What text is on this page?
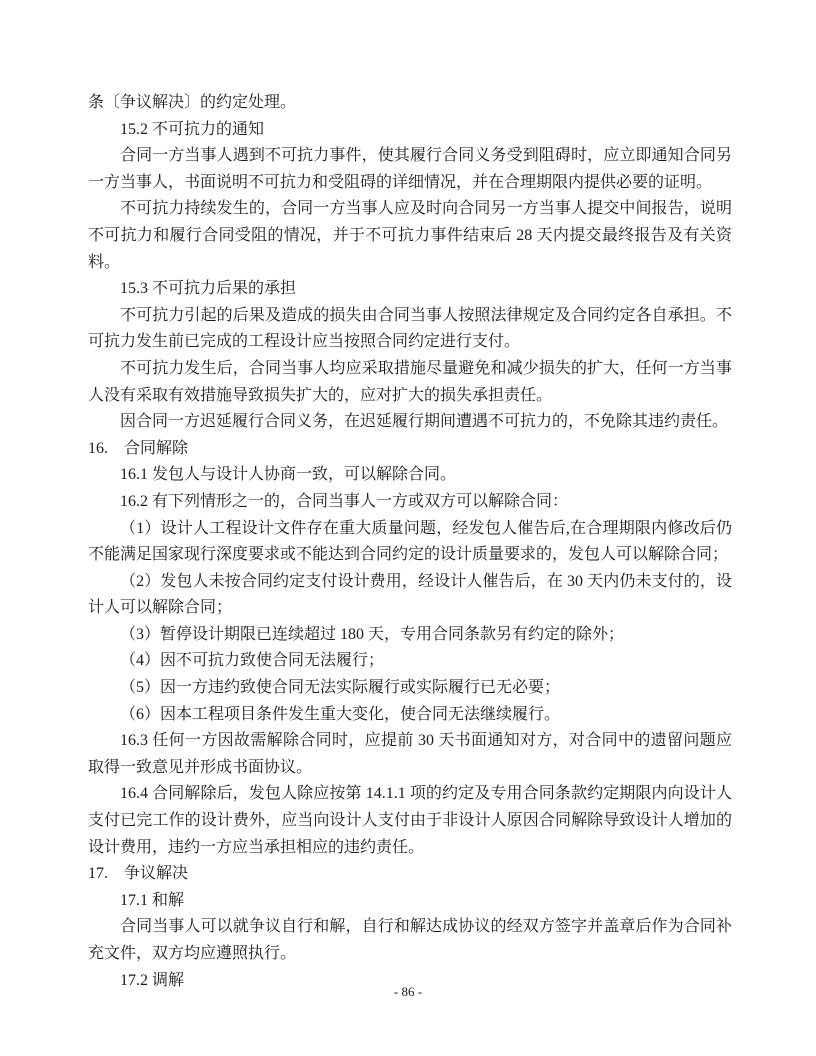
条〔争议解决〕的约定处理。

15.2 不可抗力的通知

合同一方当事人遇到不可抗力事件，使其履行合同义务受到阻碍时，应立即通知合同另一方当事人，书面说明不可抗力和受阻碍的详细情况，并在合理期限内提供必要的证明。

不可抗力持续发生的，合同一方当事人应及时向合同另一方当事人提交中间报告，说明不可抗力和履行合同受阻的情况，并于不可抗力事件结束后 28 天内提交最终报告及有关资料。

15.3 不可抗力后果的承担

不可抗力引起的后果及造成的损失由合同当事人按照法律规定及合同约定各自承担。不可抗力发生前已完成的工程设计应当按照合同约定进行支付。

不可抗力发生后，合同当事人均应采取措施尽量避免和减少损失的扩大，任何一方当事人没有采取有效措施导致损失扩大的，应对扩大的损失承担责任。

因合同一方迟延履行合同义务，在迟延履行期间遭遇不可抗力的，不免除其违约责任。

16.　合同解除

16.1 发包人与设计人协商一致，可以解除合同。

16.2 有下列情形之一的，合同当事人一方或双方可以解除合同：

（1）设计人工程设计文件存在重大质量问题，经发包人催告后,在合理期限内修改后仍不能满足国家现行深度要求或不能达到合同约定的设计质量要求的，发包人可以解除合同；

（2）发包人未按合同约定支付设计费用，经设计人催告后，在 30 天内仍未支付的，设计人可以解除合同；

（3）暂停设计期限已连续超过 180 天，专用合同条款另有约定的除外；

（4）因不可抗力致使合同无法履行；

（5）因一方违约致使合同无法实际履行或实际履行已无必要；

（6）因本工程项目条件发生重大变化，使合同无法继续履行。

16.3 任何一方因故需解除合同时，应提前 30 天书面通知对方，对合同中的遗留问题应取得一致意见并形成书面协议。

16.4 合同解除后，发包人除应按第 14.1.1 项的约定及专用合同条款约定期限内向设计人支付已完工作的设计费外，应当向设计人支付由于非设计人原因合同解除导致设计人增加的设计费用，违约一方应当承担相应的违约责任。

17.　争议解决

17.1 和解

合同当事人可以就争议自行和解，自行和解达成协议的经双方签字并盖章后作为合同补充文件，双方均应遵照执行。

17.2 调解

- 86 -
